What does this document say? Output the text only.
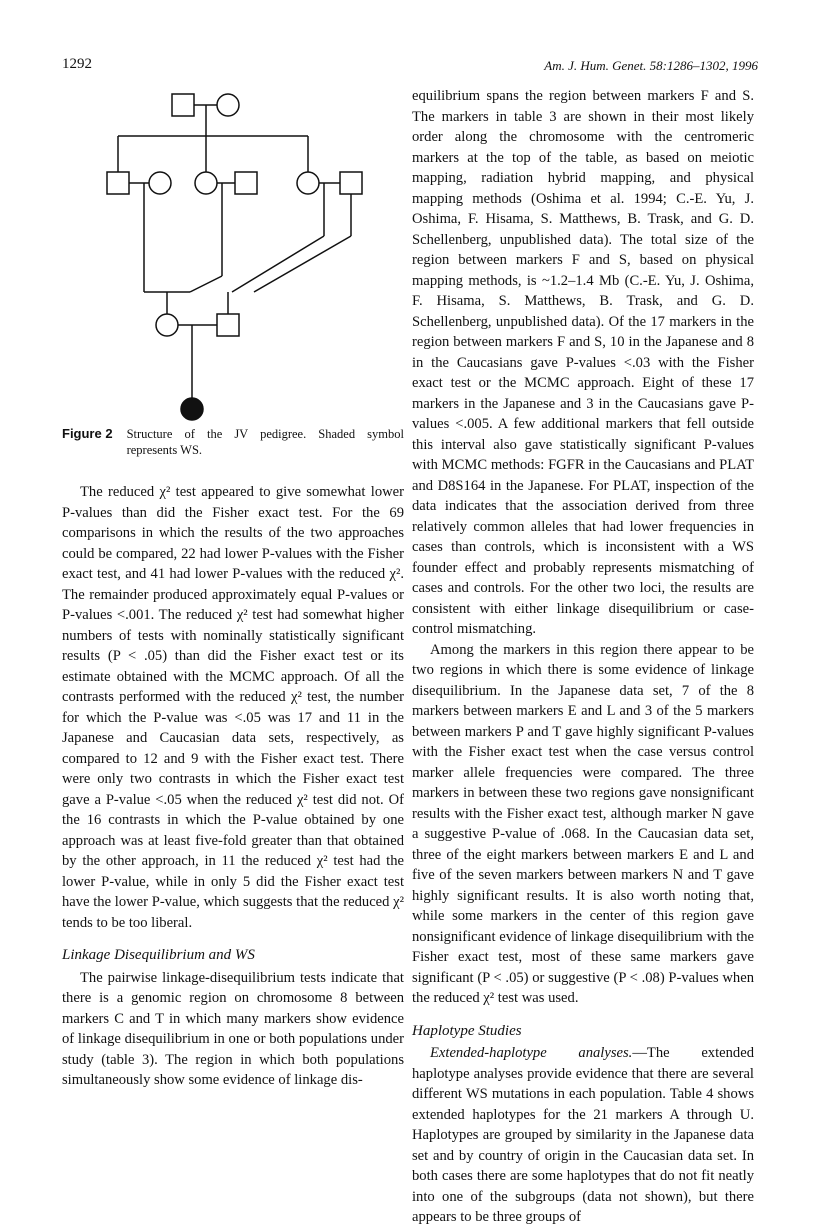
1292	Am. J. Hum. Genet. 58:1286–1302, 1996
Figure 2 Structure of the JV pedigree. Shaded symbol represents WS.

The reduced χ² test appeared to give somewhat lower P-values than did the Fisher exact test. For the 69 comparisons in which the results of the two approaches could be compared, 22 had lower P-values with the Fisher exact test, and 41 had lower P-values with the reduced χ². The remainder produced approximately equal P-values or P-values <.001. The reduced χ² test had somewhat higher numbers of tests with nominally statistically significant results (P < .05) than did the Fisher exact test or its estimate obtained with the MCMC approach. Of all the contrasts performed with the reduced χ² test, the number for which the P-value was <.05 was 17 and 11 in the Japanese and Caucasian data sets, respectively, as compared to 12 and 9 with the Fisher exact test. There were only two contrasts in which the Fisher exact test gave a P-value <.05 when the reduced χ² test did not. Of the 16 contrasts in which the P-value obtained by one approach was at least five-fold greater than that obtained by the other approach, in 11 the reduced χ² test had the lower P-value, while in only 5 did the Fisher exact test have the lower P-value, which suggests that the reduced χ² tends to be too liberal.

Linkage Disequilibrium and WS

The pairwise linkage-disequilibrium tests indicate that there is a genomic region on chromosome 8 between markers C and T in which many markers show evidence of linkage disequilibrium in one or both populations under study (table 3). The region in which both populations simultaneously show some evidence of linkage dis-

equilibrium spans the region between markers F and S. The markers in table 3 are shown in their most likely order along the chromosome with the centromeric markers at the top of the table, as based on meiotic mapping, radiation hybrid mapping, and physical mapping methods (Oshima et al. 1994; C.-E. Yu, J. Oshima, F. Hisama, S. Matthews, B. Trask, and G. D. Schellenberg, unpublished data). The total size of the region between markers F and S, based on physical mapping methods, is ~1.2–1.4 Mb (C.-E. Yu, J. Oshima, F. Hisama, S. Matthews, B. Trask, and G. D. Schellenberg, unpublished data). Of the 17 markers in the region between markers F and S, 10 in the Japanese and 8 in the Caucasians gave P-values <.03 with the Fisher exact test or the MCMC approach. Eight of these 17 markers in the Japanese and 3 in the Caucasians gave P-values <.005. A few additional markers that fell outside this interval also gave statistically significant P-values with MCMC methods: FGFR in the Caucasians and PLAT and D8S164 in the Japanese. For PLAT, inspection of the data indicates that the association derived from three relatively common alleles that had lower frequencies in cases than controls, which is inconsistent with a WS founder effect and probably represents mismatching of cases and controls. For the other two loci, the results are consistent with either linkage disequilibrium or case-control mismatching.

Among the markers in this region there appear to be two regions in which there is some evidence of linkage disequilibrium. In the Japanese data set, 7 of the 8 markers between markers E and L and 3 of the 5 markers between markers P and T gave highly significant P-values with the Fisher exact test when the case versus control marker allele frequencies were compared. The three markers in between these two regions gave nonsignificant results with the Fisher exact test, although marker N gave a suggestive P-value of .068. In the Caucasian data set, three of the eight markers between markers E and L and five of the seven markers between markers N and T gave highly significant results. It is also worth noting that, while some markers in the center of this region gave nonsignificant evidence of linkage disequilibrium with the Fisher exact test, most of these same markers gave significant (P < .05) or suggestive (P < .08) P-values when the reduced χ² test was used.

Haplotype Studies

Extended-haplotype analyses.—The extended haplotype analyses provide evidence that there are several different WS mutations in each population. Table 4 shows extended haplotypes for the 21 markers A through U. Haplotypes are grouped by similarity in the Japanese data set and by country of origin in the Caucasian data set. In both cases there are some haplotypes that do not fit neatly into one of the subgroups (data not shown), but there appears to be three groups of
